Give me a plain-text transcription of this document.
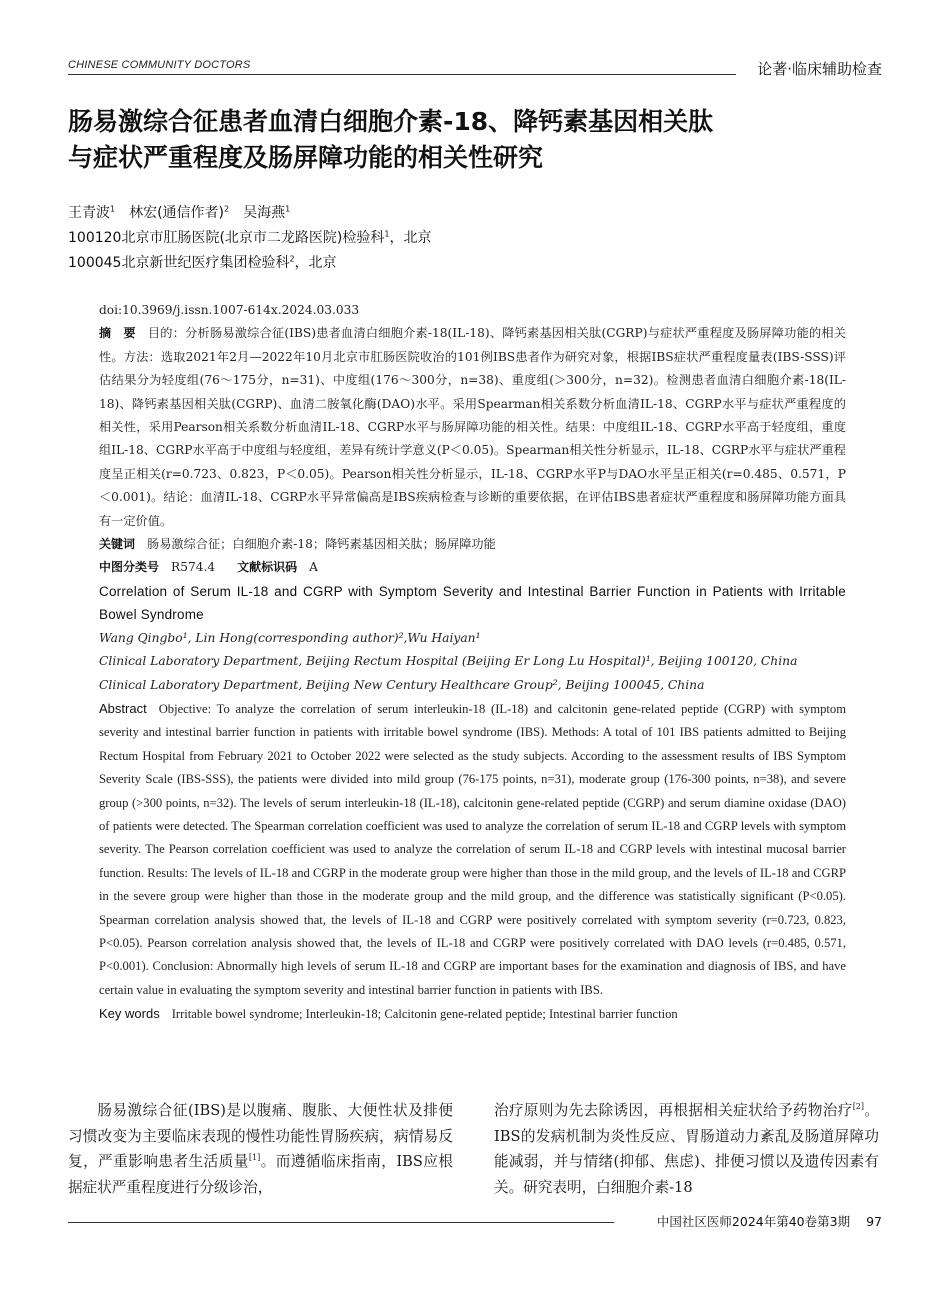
CHINESE COMMUNITY DOCTORS	论著·临床辅助检查
肠易激综合征患者血清白细胞介素-18、降钙素基因相关肽
与症状严重程度及肠屏障功能的相关性研究
王青波$^1$ 林宏(通信作者)$^2$ 吴海燕$^1$
100120北京市肛肠医院(北京市二龙路医院)检验科$^1$，北京
100045北京新世纪医疗集团检验科$^2$，北京

doi:10.3969/j.issn.1007-614x.2024.03.033

摘　要 目的：分析肠易激综合征(IBS)患者血清白细胞介素-18(IL-18)、降钙素基因相关肽(CGRP)与症状严重程度及肠屏障功能的相关性。方法：选取2021年2月—2022年10月北京市肛肠医院收治的101例IBS患者作为研究对象，根据IBS症状严重程度量表(IBS-SSS)评估结果分为轻度组(76～175分，n=31)、中度组(176～300分，n=38)、重度组(＞300分，n=32)。检测患者血清白细胞介素-18(IL-18)、降钙素基因相关肽(CGRP)、血清二胺氧化酶(DAO)水平。采用Spearman相关系数分析血清IL-18、CGRP水平与症状严重程度的相关性，采用Pearson相关系数分析血清IL-18、CGRP水平与肠屏障功能的相关性。结果：中度组IL-18、CGRP水平高于轻度组，重度组IL-18、CGRP水平高于中度组与轻度组，差异有统计学意义(P＜0.05)。Spearman相关性分析显示，IL-18、CGRP水平与症状严重程度呈正相关(r=0.723、0.823，P＜0.05)。Pearson相关性分析显示，IL-18、CGRP水平P与DAO水平呈正相关(r=0.485、0.571，P＜0.001)。结论：血清IL-18、CGRP水平异常偏高是IBS疾病检查与诊断的重要依据，在评估IBS患者症状严重程度和肠屏障功能方面具有一定价值。

关键词 肠易激综合征；白细胞介素-18；降钙素基因相关肽；肠屏障功能

中图分类号 R574.4 文献标识码 A

Correlation of Serum IL-18 and CGRP with Symptom Severity and Intestinal Barrier Function in Patients with Irritable Bowel Syndrome

Wang Qingbo¹, Lin Hong(corresponding author)²,Wu Haiyan¹

Clinical Laboratory Department, Beijing Rectum Hospital (Beijing Er Long Lu Hospital)¹, Beijing 100120, China

Clinical Laboratory Department, Beijing New Century Healthcare Group², Beijing 100045, China

Abstract Objective: To analyze the correlation of serum interleukin-18 (IL-18) and calcitonin gene-related peptide (CGRP) with symptom severity and intestinal barrier function in patients with irritable bowel syndrome (IBS). Methods: A total of 101 IBS patients admitted to Beijing Rectum Hospital from February 2021 to October 2022 were selected as the study subjects. According to the assessment results of IBS Symptom Severity Scale (IBS-SSS), the patients were divided into mild group (76-175 points, n=31), moderate group (176-300 points, n=38), and severe group (>300 points, n=32). The levels of serum interleukin-18 (IL-18), calcitonin gene-related peptide (CGRP) and serum diamine oxidase (DAO) of patients were detected. The Spearman correlation coefficient was used to analyze the correlation of serum IL-18 and CGRP levels with symptom severity. The Pearson correlation coefficient was used to analyze the correlation of serum IL-18 and CGRP levels with intestinal mucosal barrier function. Results: The levels of IL-18 and CGRP in the moderate group were higher than those in the mild group, and the levels of IL-18 and CGRP in the severe group were higher than those in the moderate group and the mild group, and the difference was statistically significant (P<0.05). Spearman correlation analysis showed that, the levels of IL-18 and CGRP were positively correlated with symptom severity (r=0.723, 0.823, P<0.05). Pearson correlation analysis showed that, the levels of IL-18 and CGRP were positively correlated with DAO levels (r=0.485, 0.571, P<0.001). Conclusion: Abnormally high levels of serum IL-18 and CGRP are important bases for the examination and diagnosis of IBS, and have certain value in evaluating the symptom severity and intestinal barrier function in patients with IBS.

Key words Irritable bowel syndrome; Interleukin-18; Calcitonin gene-related peptide; Intestinal barrier function

肠易激综合征(IBS)是以腹痛、腹胀、大便性状及排便习惯改变为主要临床表现的慢性功能性胃肠疾病，病情易反复，严重影响患者生活质量[1]。而遵循临床指南，IBS应根据症状严重程度进行分级诊治，

治疗原则为先去除诱因，再根据相关症状给予药物治疗[2]。IBS的发病机制为炎性反应、胃肠道动力紊乱及肠道屏障功能减弱，并与情绪(抑郁、焦虑)、排便习惯以及遗传因素有关。研究表明，白细胞介素-18

中国社区医师2024年第40卷第3期 97
